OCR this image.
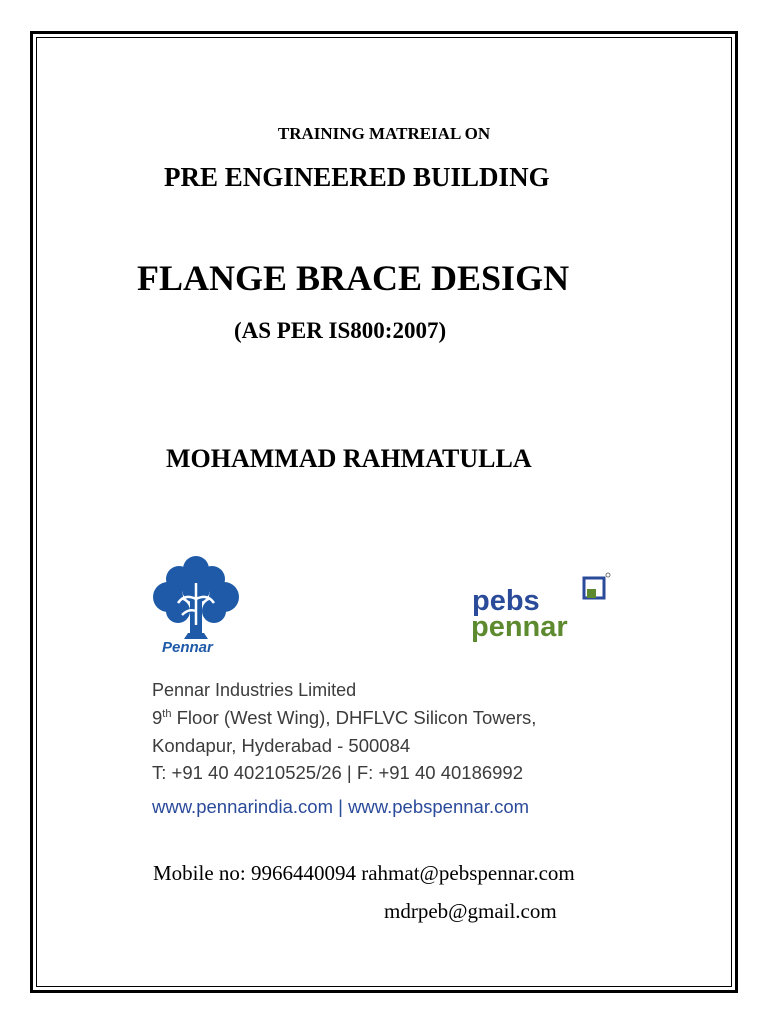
TRAINING MATREIAL ON
PRE ENGINEERED BUILDING
FLANGE BRACE DESIGN
(AS PER IS800:2007)
MOHAMMAD RAHMATULLA
Pennar
pebs
pennar
Pennar Industries Limited
9th Floor (West Wing), DHFLVC Silicon Towers,
Kondapur, Hyderabad - 500084
T: +91 40 40210525/26 | F: +91 40 40186992
www.pennarindia.com | www.pebspennar.com
Mobile no: 9966440094 rahmat@pebspennar.com
mdrpeb@gmail.com
